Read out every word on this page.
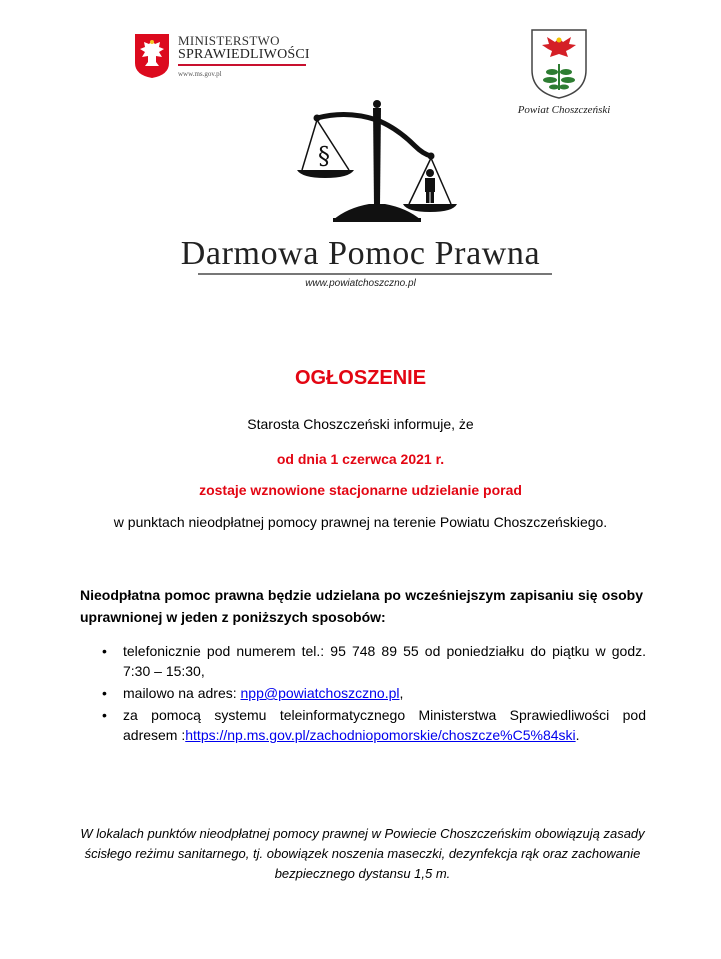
MINISTERSTWO
SPRAWIEDLIWOŚCI
www.ms.gov.pl
Powiat Choszczeński
§
Darmowa Pomoc Prawna
www.powiatchoszczno.pl
OGŁOSZENIE
Starosta Choszczeński informuje, że
od dnia 1 czerwca 2021 r.
zostaje wznowione stacjonarne udzielanie porad
w punktach nieodpłatnej pomocy prawnej na terenie Powiatu Choszczeńskiego.
Nieodpłatna pomoc prawna będzie udzielana po wcześniejszym zapisaniu się osoby uprawnionej w jeden z poniższych sposobów:
• telefonicznie pod numerem tel.: 95 748 89 55 od poniedziałku do piątku w godz. 7:30 – 15:30,
• mailowo na adres: npp@powiatchoszczno.pl,
• za pomocą systemu teleinformatycznego Ministerstwa Sprawiedliwości pod adresem :https://np.ms.gov.pl/zachodniopomorskie/choszcze%C5%84ski.
W lokalach punktów nieodpłatnej pomocy prawnej w Powiecie Choszczeńskim obowiązują zasady ścisłego reżimu sanitarnego, tj. obowiązek noszenia maseczki, dezynfekcja rąk oraz zachowanie bezpiecznego dystansu 1,5 m.
